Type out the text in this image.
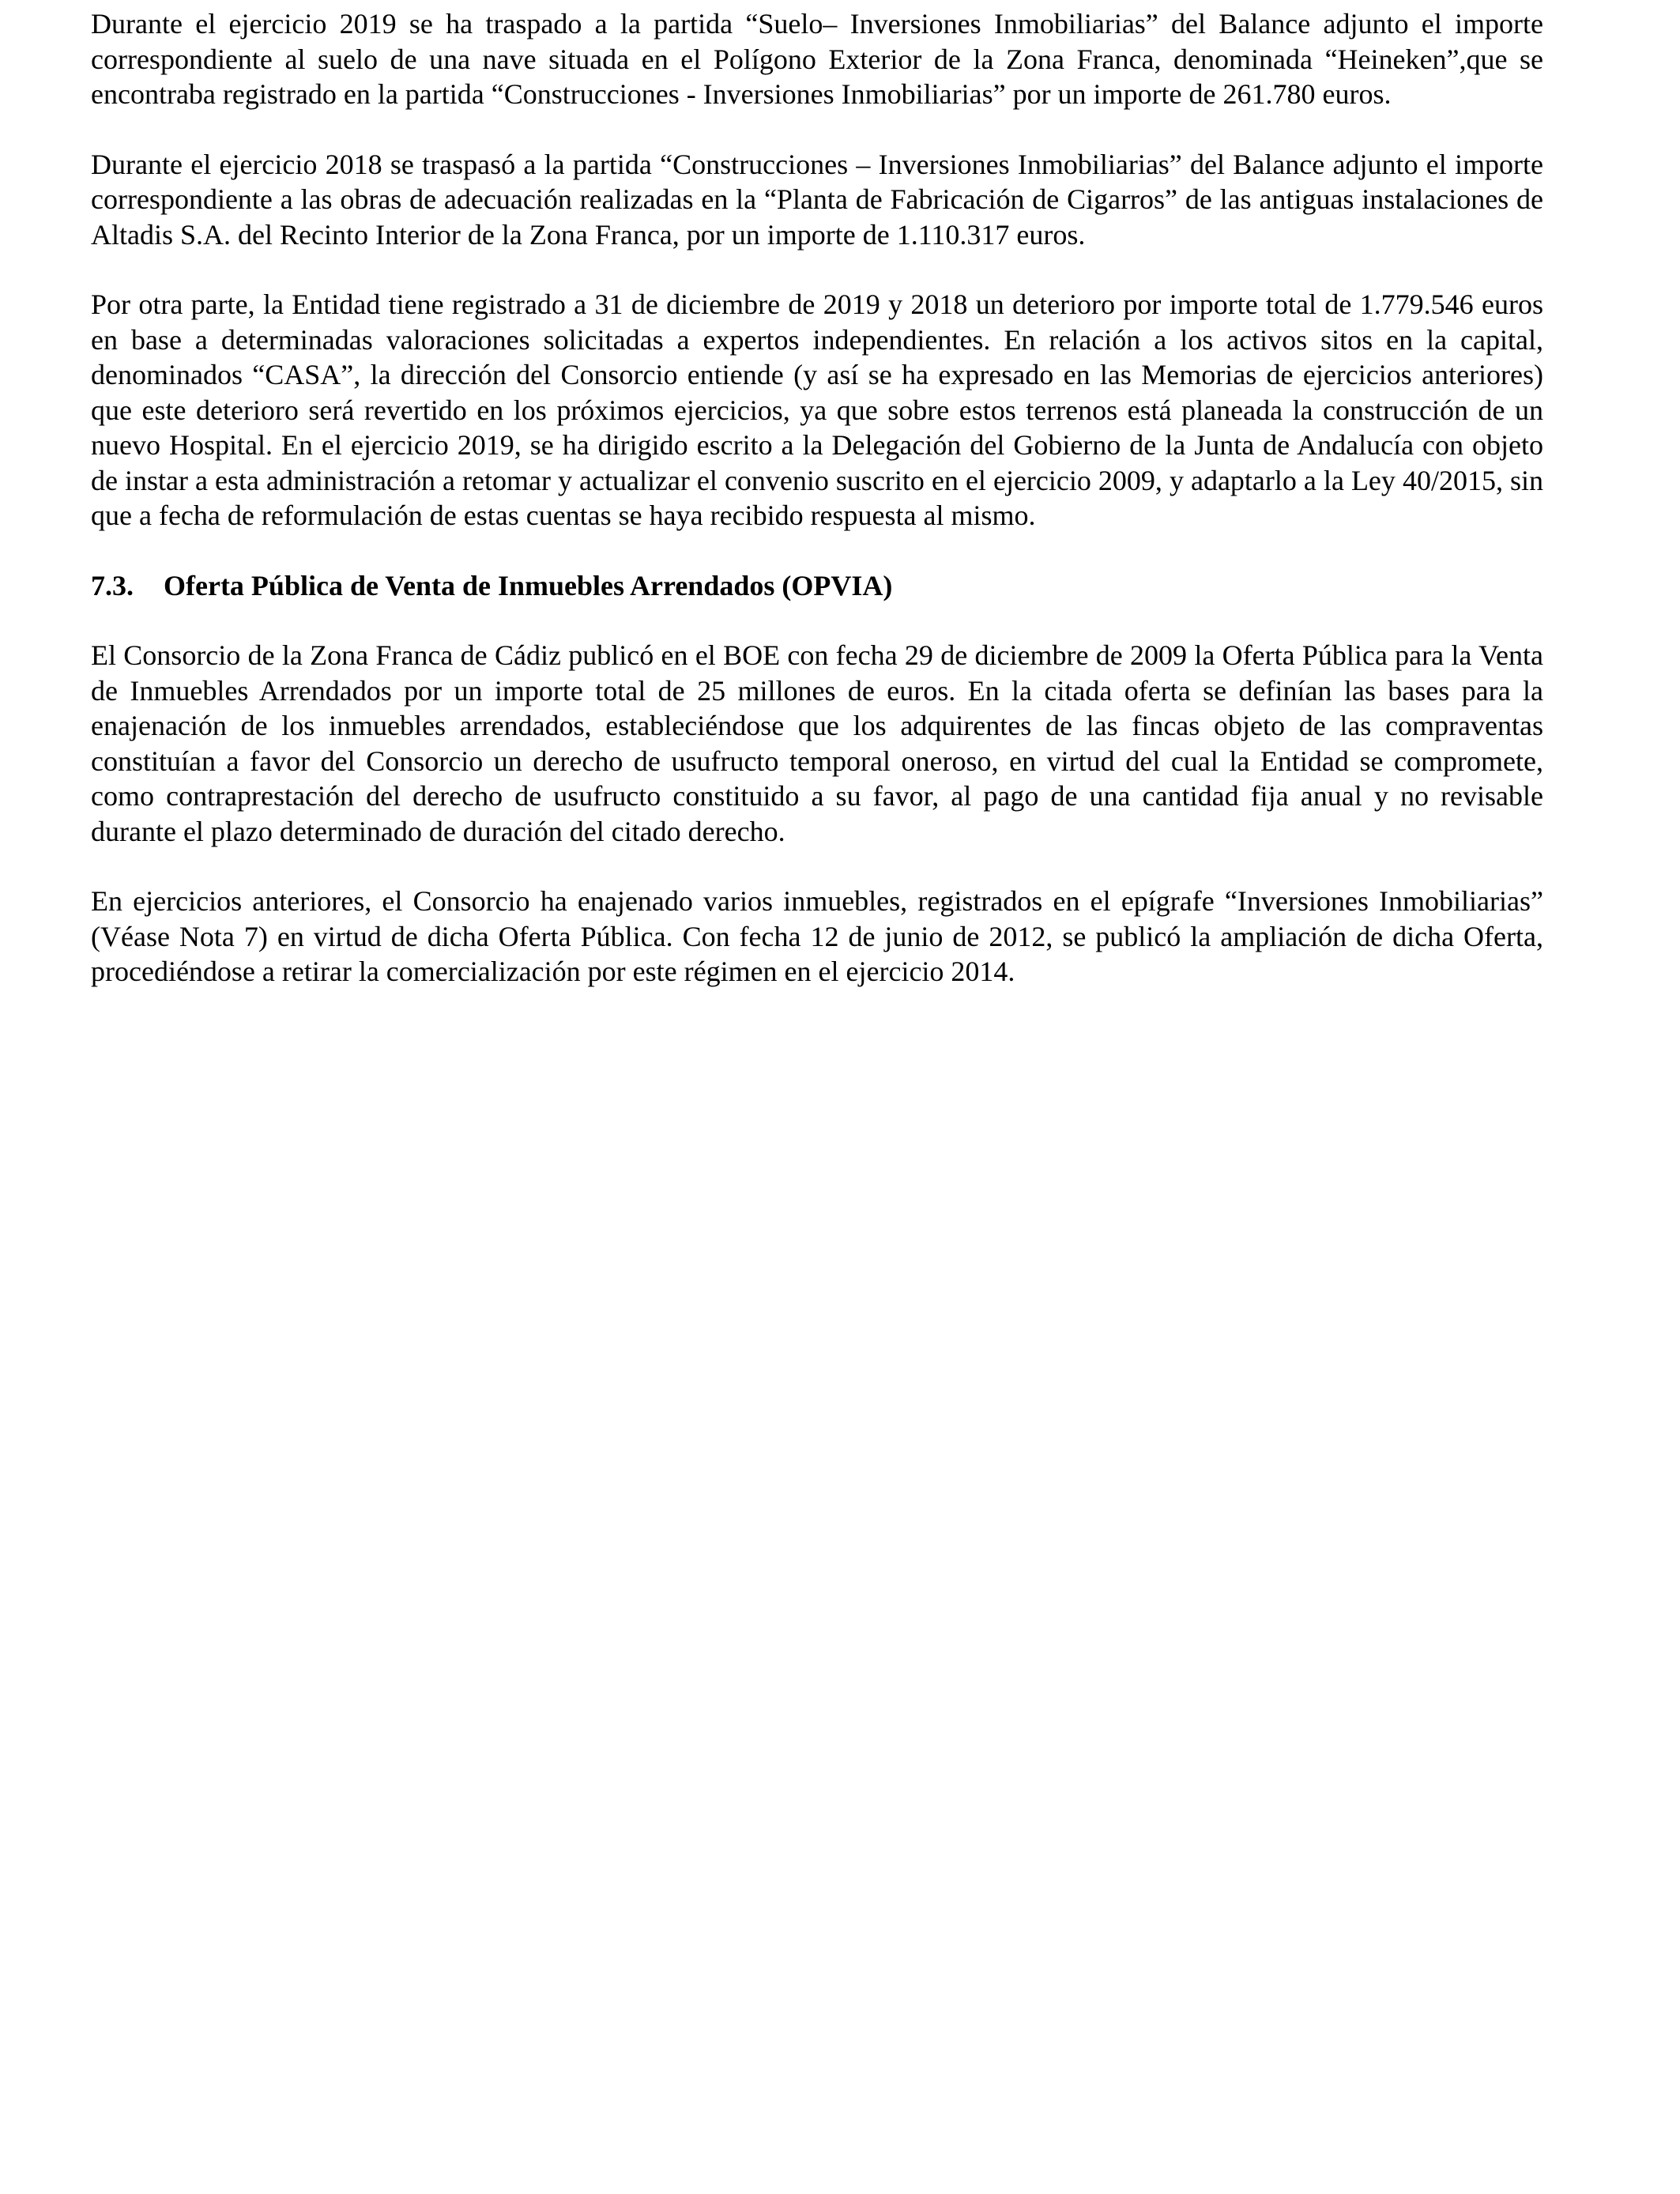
Durante el ejercicio 2019 se ha traspado a la partida “Suelo– Inversiones Inmobiliarias” del Balance adjunto el importe correspondiente al suelo de una nave situada en el Polígono Exterior de la Zona Franca, denominada “Heineken”,que se encontraba registrado en la partida “Construcciones - Inversiones Inmobiliarias” por un importe de 261.780 euros.

Durante el ejercicio 2018 se traspasó a la partida “Construcciones – Inversiones Inmobiliarias” del Balance adjunto el importe correspondiente a las obras de adecuación realizadas en la “Planta de Fabricación de Cigarros” de las antiguas instalaciones de Altadis S.A. del Recinto Interior de la Zona Franca, por un importe de 1.110.317 euros.

Por otra parte, la Entidad tiene registrado a 31 de diciembre de 2019 y 2018 un deterioro por importe total de 1.779.546 euros en base a determinadas valoraciones solicitadas a expertos independientes. En relación a los activos sitos en la capital, denominados “CASA”, la dirección del Consorcio entiende (y así se ha expresado en las Memorias de ejercicios anteriores) que este deterioro será revertido en los próximos ejercicios, ya que sobre estos terrenos está planeada la construcción de un nuevo Hospital. En el ejercicio 2019, se ha dirigido escrito a la Delegación del Gobierno de la Junta de Andalucía con objeto de instar a esta administración a retomar y actualizar el convenio suscrito en el ejercicio 2009, y adaptarlo a la Ley 40/2015, sin que a fecha de reformulación de estas cuentas se haya recibido respuesta al mismo.

7.3.	Oferta Pública de Venta de Inmuebles Arrendados (OPVIA)

El Consorcio de la Zona Franca de Cádiz publicó en el BOE con fecha 29 de diciembre de 2009 la Oferta Pública para la Venta de Inmuebles Arrendados por un importe total de 25 millones de euros. En la citada oferta se definían las bases para la enajenación de los inmuebles arrendados, estableciéndose que los adquirentes de las fincas objeto de las compraventas constituían a favor del Consorcio un derecho de usufructo temporal oneroso, en virtud del cual la Entidad se compromete, como contraprestación del derecho de usufructo constituido a su favor, al pago de una cantidad fija anual y no revisable durante el plazo determinado de duración del citado derecho.

En ejercicios anteriores, el Consorcio ha enajenado varios inmuebles, registrados en el epígrafe “Inversiones Inmobiliarias” (Véase Nota 7) en virtud de dicha Oferta Pública. Con fecha 12 de junio de 2012, se publicó la ampliación de dicha Oferta, procediéndose a retirar la comercialización por este régimen en el ejercicio 2014.
